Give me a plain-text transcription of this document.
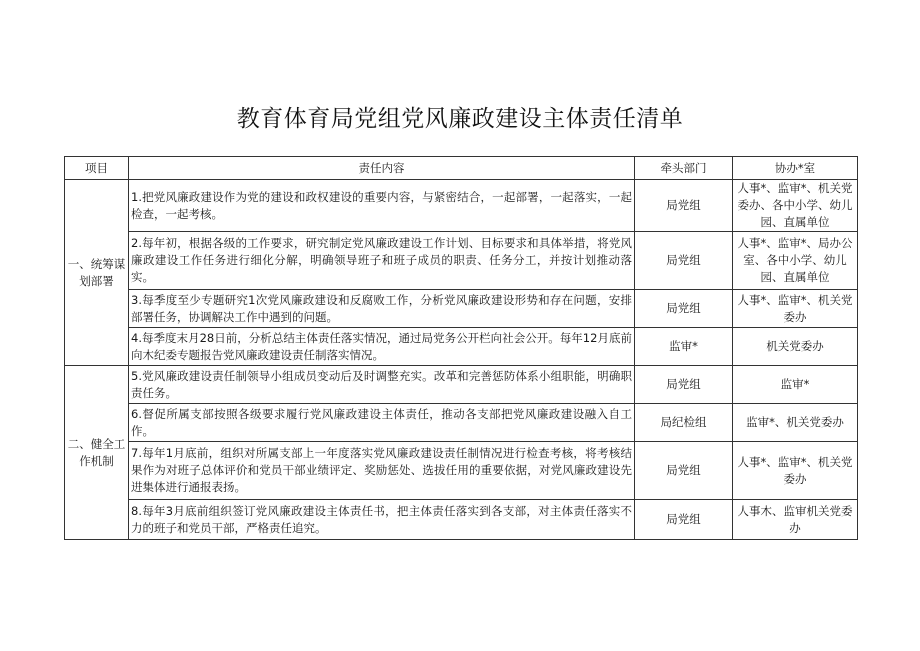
教育体育局党组党风廉政建设主体责任清单
项目	责任内容	牵头部门	协办*室
一、统筹谋划部署	1.把党风廉政建设作为党的建设和政权建设的重要内容，与紧密结合，一起部署，一起落实，一起检查，一起考核。	局党组	人事*、监审*、机关党委办、各中小学、幼儿园、直属单位
	2.每年初，根据各级的工作要求，研究制定党风廉政建设工作计划、目标要求和具体举措，将党风廉政建设工作任务进行细化分解，明确领导班子和班子成员的职责、任务分工，并按计划推动落实。	局党组	人事*、监审*、局办公室、各中小学、幼儿园、直属单位
	3.每季度至少专题研究1次党风廉政建设和反腐败工作，分析党风廉政建设形势和存在问题，安排部署任务，协调解决工作中遇到的问题。	局党组	人事*、监审*、机关党委办
	4.每季度末月28日前，分析总结主体责任落实情况，通过局党务公开栏向社会公开。每年12月底前向木纪委专题报告党风廉政建设责任制落实情况。	监审*	机关党委办
二、健全工作机制	5.党风廉政建设责任制领导小组成员变动后及时调整充实。改革和完善惩防体系小组职能，明确职责任务。	局党组	监审*
	6.督促所属支部按照各级要求履行党风廉政建设主体责任，推动各支部把党风廉政建设融入自工作。	局纪检组	监审*、机关党委办
	7.每年1月底前，组织对所属支部上一年度落实党风廉政建设责任制情况进行检查考核，将考核结果作为对班子总体评价和党员干部业绩评定、奖励惩处、选拔任用的重要依据，对党风廉政建设先进集体进行通报表扬。	局党组	人事*、监审*、机关党委办
	8.每年3月底前组织签订党风廉政建设主体责任书，把主体责任落实到各支部，对主体责任落实不力的班子和党员干部，严格责任追究。	局党组	人事木、监审机关党委办
